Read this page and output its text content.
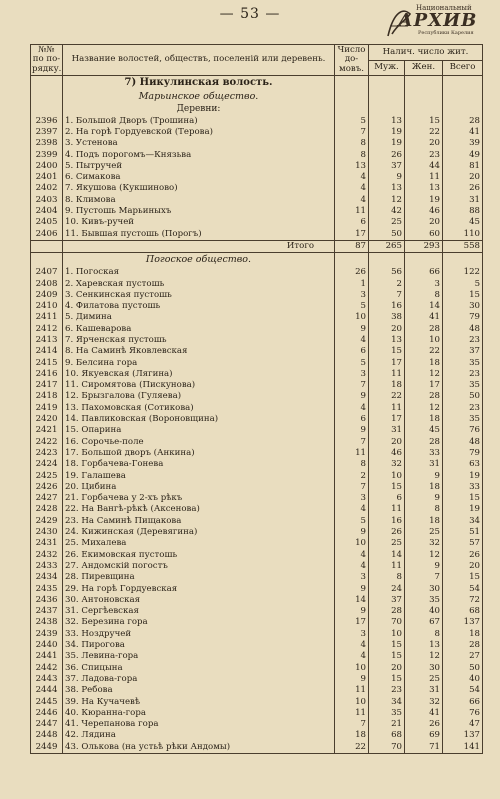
— 53 —	Национальный
АРХИВ
Республики Карелия
№№ по по-рядку.	Название волостей, обществъ, поселеній или деревень.	Число до-мовъ.	Налич. число жит.		
			Муж.	Жен.	Всего
	7) Никулинская волость.				
	Марьинское общество.				
	Деревни:				
2396	1. Большой Дворъ (Трошина)	5	13	15	28
2397	2. На горѣ Гордуевской (Терова)	7	19	22	41
2398	3. Устенова	8	19	20	39
2399	4. Подъ порогомъ—Князьва	8	26	23	49
2400	5. Пытручей	13	37	44	81
2401	6. Симакова	4	9	11	20
2402	7. Якушова (Кукшиново)	4	13	13	26
2403	8. Климова	4	12	19	31
2404	9. Пустошь Марьиныхъ	11	42	46	88
2405	10. Кивъ-ручей	6	25	20	45
2406	11. Бывшая пустошь (Порогъ)	17	50	60	110
	Итого	87	265	293	558
	Погоское общество.				
2407	1. Погоская	26	56	66	122
2408	2. Харевская пустошь	1	2	3	5
2409	3. Сенкинская пустошь	3	7	8	15
2410	4. Филатова пустошь	5	16	14	30
2411	5. Димина	10	38	41	79
2412	6. Кашеварова	9	20	28	48
2413	7. Ярченская пустошь	4	13	10	23
2414	8. На Саминѣ Яковлевская	6	15	22	37
2415	9. Белсина гора	5	17	18	35
2416	10. Якуевская (Лягина)	3	11	12	23
2417	11. Сиромятова (Пискунова)	7	18	17	35
2418	12. Брызгалова (Гуляева)	9	22	28	50
2419	13. Пахомовская (Сотикова)	4	11	12	23
2420	14. Павликовская (Вороновщина)	6	17	18	35
2421	15. Опарина	9	31	45	76
2422	16. Сорочье-поле	7	20	28	48
2423	17. Большой дворъ (Анкина)	11	46	33	79
2424	18. Горбачева-Гонева	8	32	31	63
2425	19. Галашева	2	10	9	19
2426	20. Цибина	7	15	18	33
2427	21. Горбачева у 2-хъ рѣкъ	3	6	9	15
2428	22. На Вангѣ-рѣкѣ (Аксенова)	4	11	8	19
2429	23. На Саминѣ Пищакова	5	16	18	34
2430	24. Кижинская (Деревягина)	9	26	25	51
2431	25. Михалева	10	25	32	57
2432	26. Екимовская пустошь	4	14	12	26
2433	27. Андомскій погостъ	4	11	9	20
2434	28. Пиревщина	3	8	7	15
2435	29. На горѣ Гордуевская	9	24	30	54
2436	30. Антоновская	14	37	35	72
2437	31. Сергѣевская	9	28	40	68
2438	32. Березина гора	17	70	67	137
2439	33. Ноздручей	3	10	8	18
2440	34. Пирогова	4	15	13	28
2441	35. Левина-гора	4	15	12	27
2442	36. Спицына	10	20	30	50
2443	37. Ладова-гора	9	15	25	40
2444	38. Ребова	11	23	31	54
2445	39. На Кучачевѣ	10	34	32	66
2446	40. Кюранна-гора	11	35	41	76
2447	41. Черепанова гора	7	21	26	47
2448	42. Лядина	18	68	69	137
2449	43. Олькова (на устьѣ рѣки Андомы)	22	70	71	141
